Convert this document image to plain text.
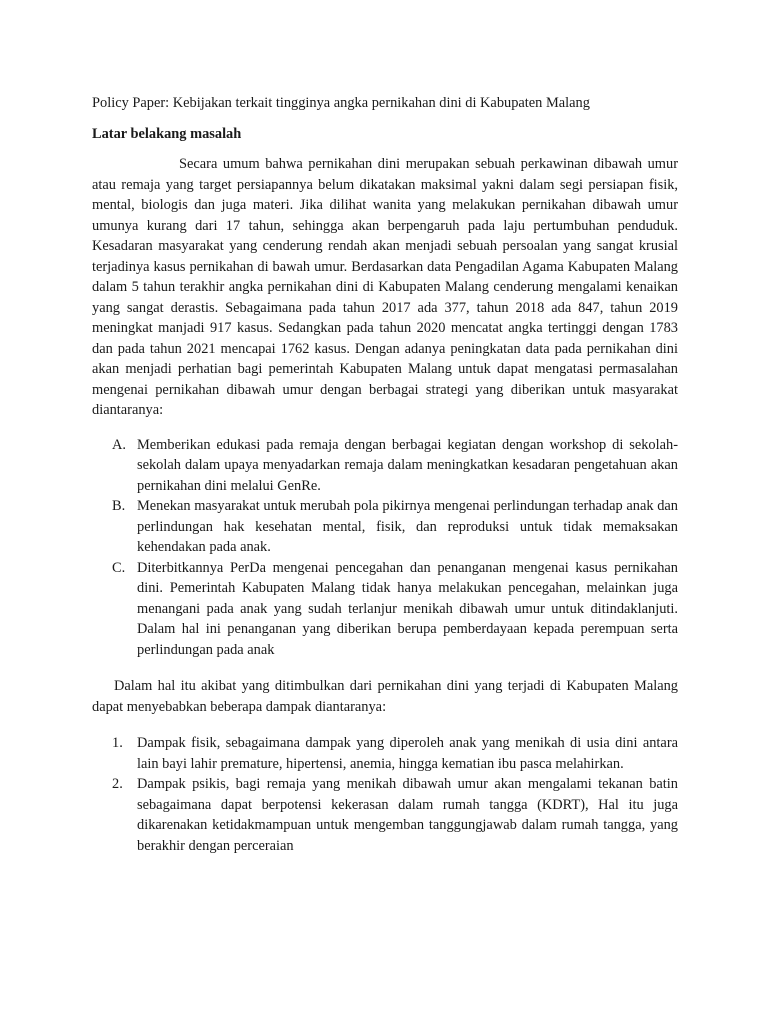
Policy Paper: Kebijakan terkait tingginya angka pernikahan dini di Kabupaten Malang

Latar belakang masalah

Secara umum bahwa pernikahan dini merupakan sebuah perkawinan dibawah umur atau remaja yang target persiapannya belum dikatakan maksimal yakni dalam segi persiapan fisik, mental, biologis dan juga materi. Jika dilihat wanita yang melakukan pernikahan dibawah umur umunya kurang dari 17 tahun, sehingga akan berpengaruh pada laju pertumbuhan penduduk. Kesadaran masyarakat yang cenderung rendah akan menjadi sebuah persoalan yang sangat krusial terjadinya kasus pernikahan di bawah umur. Berdasarkan data Pengadilan Agama Kabupaten Malang dalam 5 tahun terakhir angka pernikahan dini di Kabupaten Malang cenderung mengalami kenaikan yang sangat derastis. Sebagaimana pada tahun 2017 ada 377, tahun 2018 ada 847, tahun 2019 meningkat manjadi 917 kasus. Sedangkan pada tahun 2020 mencatat angka tertinggi dengan 1783 dan pada tahun 2021 mencapai 1762 kasus. Dengan adanya peningkatan data pada pernikahan dini akan menjadi perhatian bagi pemerintah Kabupaten Malang untuk dapat mengatasi permasalahan mengenai pernikahan dibawah umur dengan berbagai strategi yang diberikan untuk masyarakat diantaranya:

A. Memberikan edukasi pada remaja dengan berbagai kegiatan dengan workshop di sekolah-sekolah dalam upaya menyadarkan remaja dalam meningkatkan kesadaran pengetahuan akan pernikahan dini melalui GenRe.
B. Menekan masyarakat untuk merubah pola pikirnya mengenai perlindungan terhadap anak dan perlindungan hak kesehatan mental, fisik, dan reproduksi untuk tidak memaksakan kehendakan pada anak.
C. Diterbitkannya PerDa mengenai pencegahan dan penanganan mengenai kasus pernikahan dini. Pemerintah Kabupaten Malang tidak hanya melakukan pencegahan, melainkan juga menangani pada anak yang sudah terlanjur menikah dibawah umur untuk ditindaklanjuti. Dalam hal ini penanganan yang diberikan berupa pemberdayaan kepada perempuan serta perlindungan pada anak

Dalam hal itu akibat yang ditimbulkan dari pernikahan dini yang terjadi di Kabupaten Malang dapat menyebabkan beberapa dampak diantaranya:

1. Dampak fisik, sebagaimana dampak yang diperoleh anak yang menikah di usia dini antara lain bayi lahir premature, hipertensi, anemia, hingga kematian ibu pasca melahirkan.
2. Dampak psikis, bagi remaja yang menikah dibawah umur akan mengalami tekanan batin sebagaimana dapat berpotensi kekerasan dalam rumah tangga (KDRT), Hal itu juga dikarenakan ketidakmampuan untuk mengemban tanggungjawab dalam rumah tangga, yang berakhir dengan perceraian
